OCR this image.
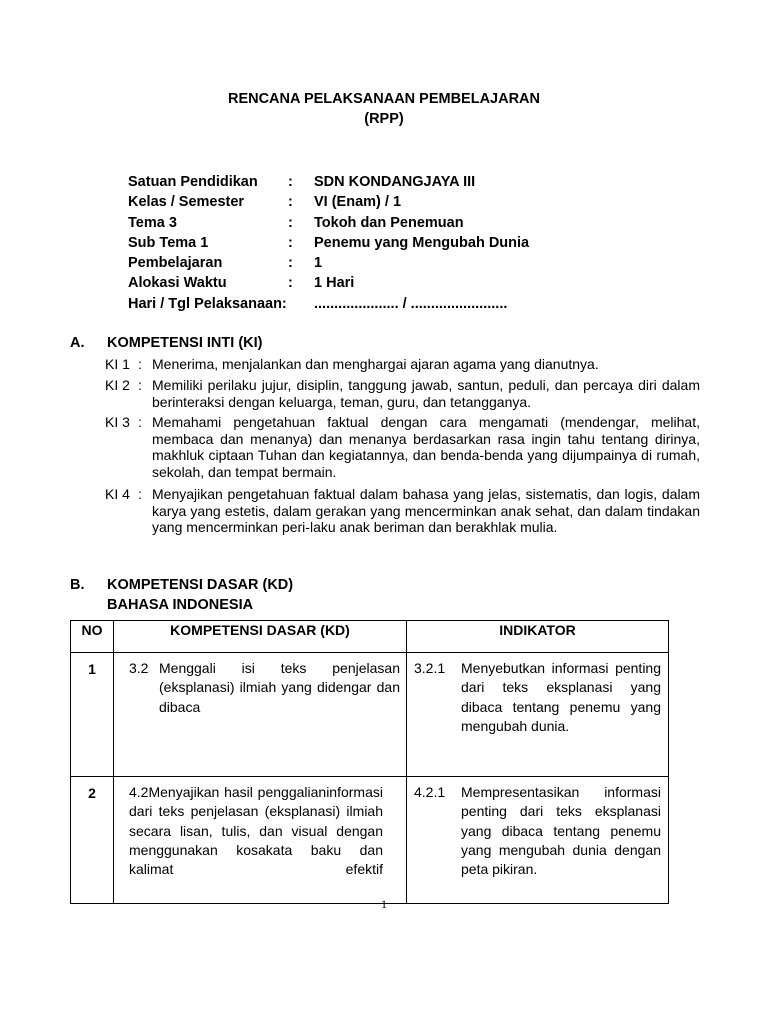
RENCANA PELAKSANAAN PEMBELAJARAN
(RPP)
Satuan Pendidikan	:	SDN KONDANGJAYA III
Kelas / Semester	:	VI (Enam) / 1
Tema 3	:	Tokoh dan Penemuan
Sub Tema 1	:	Penemu yang Mengubah Dunia
Pembelajaran	:	1
Alokasi Waktu	:	1 Hari
Hari / Tgl Pelaksanaan:	..................... / ........................
A. KOMPETENSI INTI (KI)
KI 1 : Menerima, menjalankan dan menghargai ajaran agama yang dianutnya.
KI 2 : Memiliki perilaku jujur, disiplin, tanggung jawab, santun, peduli, dan percaya diri dalam berinteraksi dengan keluarga, teman, guru, dan tetangganya.
KI 3 : Memahami pengetahuan faktual dengan cara mengamati (mendengar, melihat, membaca dan menanya) dan menanya berdasarkan rasa ingin tahu tentang dirinya, makhluk ciptaan Tuhan dan kegiatannya, dan benda-benda yang dijumpainya di rumah, sekolah, dan tempat bermain.
KI 4 : Menyajikan pengetahuan faktual dalam bahasa yang jelas, sistematis, dan logis, dalam karya yang estetis, dalam gerakan yang mencerminkan anak sehat, dan dalam tindakan yang mencerminkan peri-laku anak beriman dan berakhlak mulia.
B. KOMPETENSI DASAR (KD)
BAHASA INDONESIA
NO	KOMPETENSI DASAR (KD)	INDIKATOR
1	3.2 Menggali isi teks penjelasan (eksplanasi) ilmiah yang didengar dan dibaca	3.2.1 Menyebutkan informasi penting dari teks eksplanasi yang dibaca tentang penemu yang mengubah dunia.

2	4.2Menyajikan hasil penggalianinformasi dari teks penjelasan (eksplanasi) ilmiah secara lisan, tulis, dan visual dengan menggunakan kosakata baku dan kalimat efektif	4.2.1 Mempresentasikan informasi penting dari teks eksplanasi yang dibaca tentang penemu yang mengubah dunia dengan peta pikiran.
1
